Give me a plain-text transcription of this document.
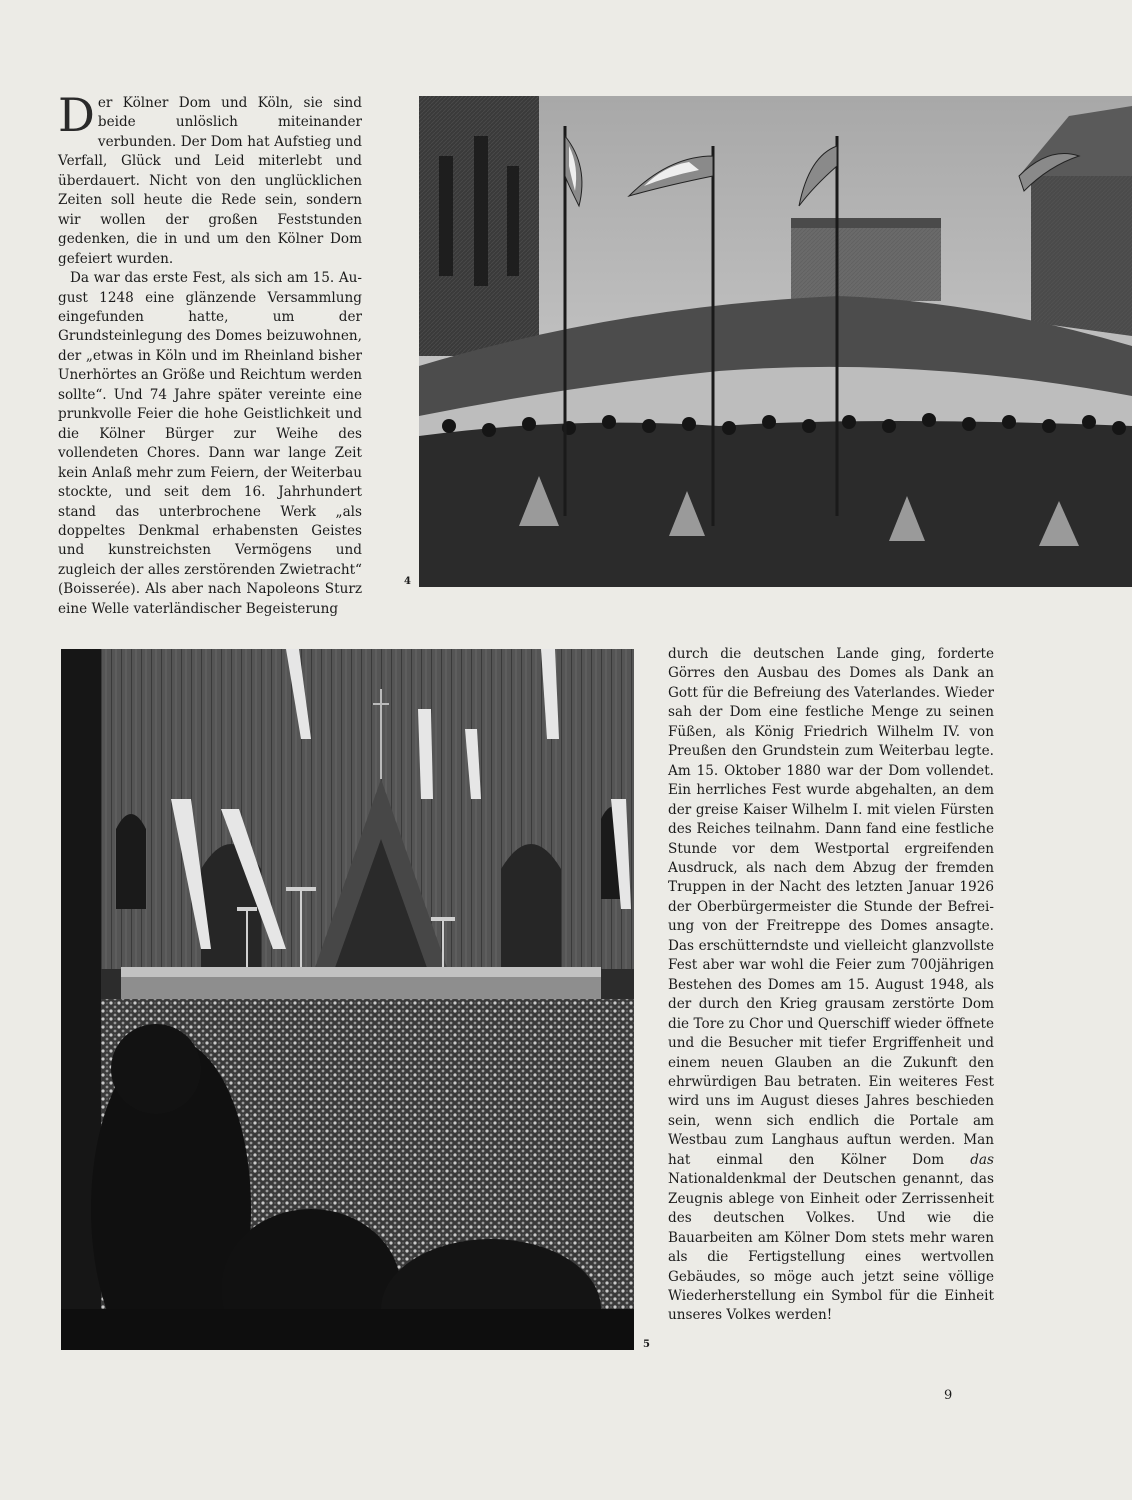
Der Kölner Dom und Köln, sie sind beide unlöslich miteinander verbunden. Der Dom hat Aufstieg und Verfall, Glück und Leid miterlebt und überdauert. Nicht von den unglücklichen Zeiten soll heute die Rede sein, sondern wir wollen der großen Feststunden gedenken, die in und um den Kölner Dom gefeiert wurden.

Da war das erste Fest, als sich am 15. August 1248 eine glänzende Versammlung eingefunden hatte, um der Grundsteinlegung des Domes beizuwohnen, der „etwas in Köln und im Rheinland bisher Unerhörtes an Größe und Reichtum werden sollte“. Und 74 Jahre später vereinte eine prunkvolle Feier die hohe Geistlichkeit und die Kölner Bürger zur Weihe des vollendeten Chores. Dann war lange Zeit kein Anlaß mehr zum Feiern, der Weiterbau stockte, und seit dem 16. Jahrhundert stand das unterbrochene Werk „als doppeltes Denkmal erhabensten Geistes und kunstreichsten Vermögens und zugleich der alles zerstörenden Zwietracht“ (Boisserée). Als aber nach Napoleons Sturz eine Welle vaterländischer Begeisterung

4
5

durch die deutschen Lande ging, forderte Görres den Ausbau des Domes als Dank an Gott für die Befreiung des Vaterlandes. Wieder sah der Dom eine festliche Menge zu seinen Füßen, als König Friedrich Wilhelm IV. von Preußen den Grundstein zum Weiterbau legte. Am 15. Oktober 1880 war der Dom vollendet. Ein herrliches Fest wurde abgehalten, an dem der greise Kaiser Wilhelm I. mit vielen Fürsten des Reiches teilnahm. Dann fand eine festliche Stunde vor dem Westportal ergreifenden Ausdruck, als nach dem Abzug der fremden Truppen in der Nacht des letzten Januar 1926 der Oberbürgermeister die Stunde der Befreiung von der Freitreppe des Domes ansagte. Das erschütterndste und vielleicht glanzvollste Fest aber war wohl die Feier zum 700jährigen Bestehen des Domes am 15. August 1948, als der durch den Krieg grausam zerstörte Dom die Tore zu Chor und Querschiff wieder öffnete und die Besucher mit tiefer Ergriffenheit und einem neuen Glauben an die Zukunft den ehrwürdigen Bau betraten. Ein weiteres Fest wird uns im August dieses Jahres beschieden sein, wenn sich endlich die Portale am Westbau zum Langhaus auftun werden. Man hat einmal den Kölner Dom das Nationaldenkmal der Deutschen genannt, das Zeugnis ablege von Einheit oder Zerrissenheit des deutschen Volkes. Und wie die Bauarbeiten am Kölner Dom stets mehr waren als die Fertigstellung eines wertvollen Gebäudes, so möge auch jetzt seine völlige Wiederherstellung ein Symbol für die Einheit unseres Volkes werden!

9
